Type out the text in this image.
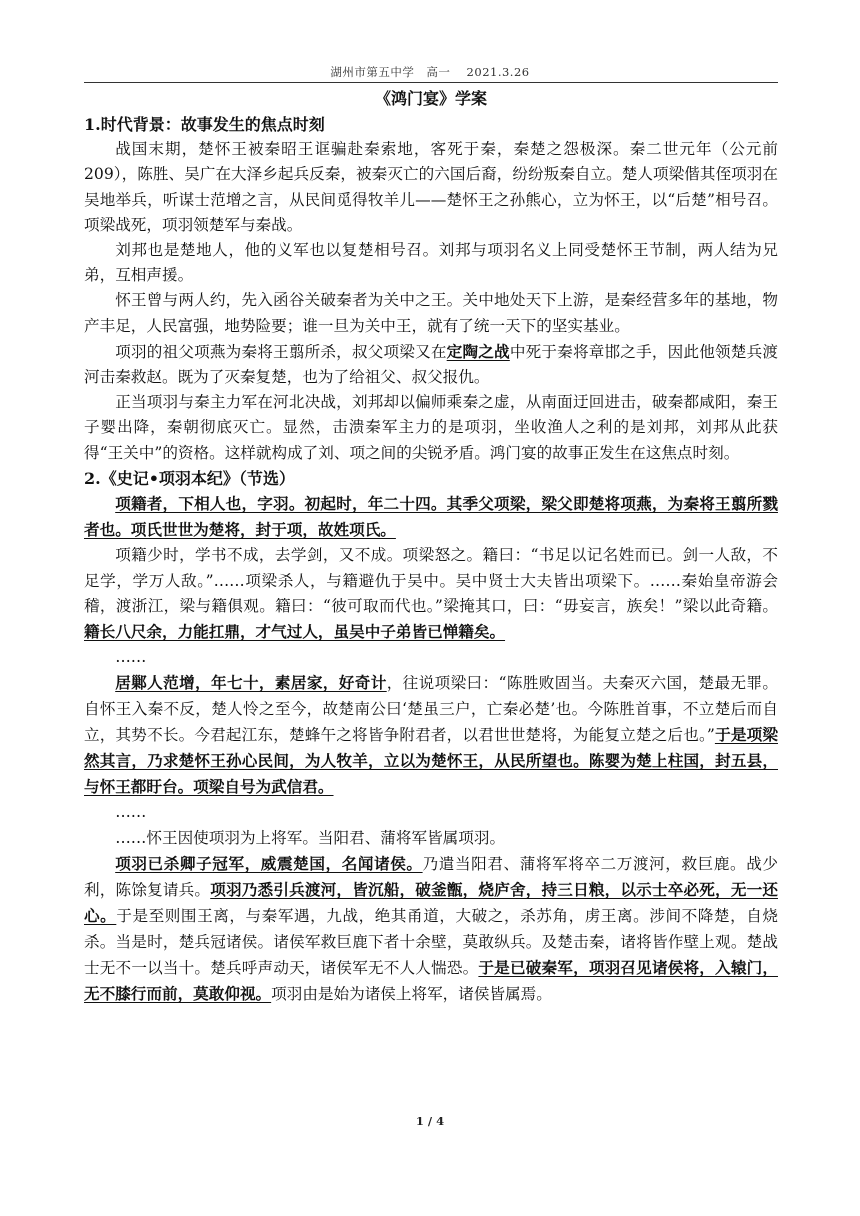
湖州市第五中学　高一　 2021.3.26
《鸿门宴》学案
1.时代背景：故事发生的焦点时刻

战国末期，楚怀王被秦昭王诓骗赴秦索地，客死于秦，秦楚之怨极深。秦二世元年（公元前 209），陈胜、吴广在大泽乡起兵反秦，被秦灭亡的六国后裔，纷纷叛秦自立。楚人项梁偕其侄项羽在吴地举兵，听谋士范增之言，从民间觅得牧羊儿——楚怀王之孙熊心，立为怀王，以“后楚”相号召。项梁战死，项羽领楚军与秦战。

刘邦也是楚地人，他的义军也以复楚相号召。刘邦与项羽名义上同受楚怀王节制，两人结为兄弟，互相声援。

怀王曾与两人约，先入函谷关破秦者为关中之王。关中地处天下上游，是秦经营多年的基地，物产丰足，人民富强，地势险要；谁一旦为关中王，就有了统一天下的坚实基业。

项羽的祖父项燕为秦将王翦所杀，叔父项梁又在定陶之战中死于秦将章邯之手，因此他领楚兵渡河击秦救赵。既为了灭秦复楚，也为了给祖父、叔父报仇。

正当项羽与秦主力军在河北决战，刘邦却以偏师乘秦之虚，从南面迂回进击，破秦都咸阳，秦王子婴出降，秦朝彻底灭亡。显然，击溃秦军主力的是项羽，坐收渔人之利的是刘邦，刘邦从此获得“王关中”的资格。这样就构成了刘、项之间的尖锐矛盾。鸿门宴的故事正发生在这焦点时刻。

2.《史记•项羽本纪》（节选）

项籍者，下相人也，字羽。初起时，年二十四。其季父项梁，梁父即楚将项燕，为秦将王翦所戮者也。项氏世世为楚将，封于项，故姓项氏。

项籍少时，学书不成，去学剑，又不成。项梁怒之。籍曰：“书足以记名姓而已。剑一人敌，不足学，学万人敌。”……项梁杀人，与籍避仇于吴中。吴中贤士大夫皆出项梁下。……秦始皇帝游会稽，渡浙江，梁与籍俱观。籍曰：“彼可取而代也。”梁掩其口，曰：“毋妄言，族矣！”梁以此奇籍。籍长八尺余，力能扛鼎，才气过人，虽吴中子弟皆已惮籍矣。

……

居鄛人范增，年七十，素居家，好奇计，往说项梁曰：“陈胜败固当。夫秦灭六国，楚最无罪。自怀王入秦不反，楚人怜之至今，故楚南公曰‘楚虽三户，亡秦必楚’也。今陈胜首事，不立楚后而自立，其势不长。今君起江东，楚蜂午之将皆争附君者，以君世世楚将，为能复立楚之后也。”于是项梁然其言，乃求楚怀王孙心民间，为人牧羊，立以为楚怀王，从民所望也。陈婴为楚上柱国，封五县，与怀王都盱台。项梁自号为武信君。

……

……怀王因使项羽为上将军。当阳君、蒲将军皆属项羽。

项羽已杀卿子冠军，威震楚国，名闻诸侯。乃遣当阳君、蒲将军将卒二万渡河，救巨鹿。战少利，陈馀复请兵。项羽乃悉引兵渡河，皆沉船，破釜甑，烧庐舍，持三日粮，以示士卒必死，无一还心。于是至则围王离，与秦军遇，九战，绝其甬道，大破之，杀苏角，虏王离。涉间不降楚，自烧杀。当是时，楚兵冠诸侯。诸侯军救巨鹿下者十余壁，莫敢纵兵。及楚击秦，诸将皆作壁上观。楚战士无不一以当十。楚兵呼声动天，诸侯军无不人人惴恐。于是已破秦军，项羽召见诸侯将，入辕门，无不膝行而前，莫敢仰视。项羽由是始为诸侯上将军，诸侯皆属焉。

1 / 4
